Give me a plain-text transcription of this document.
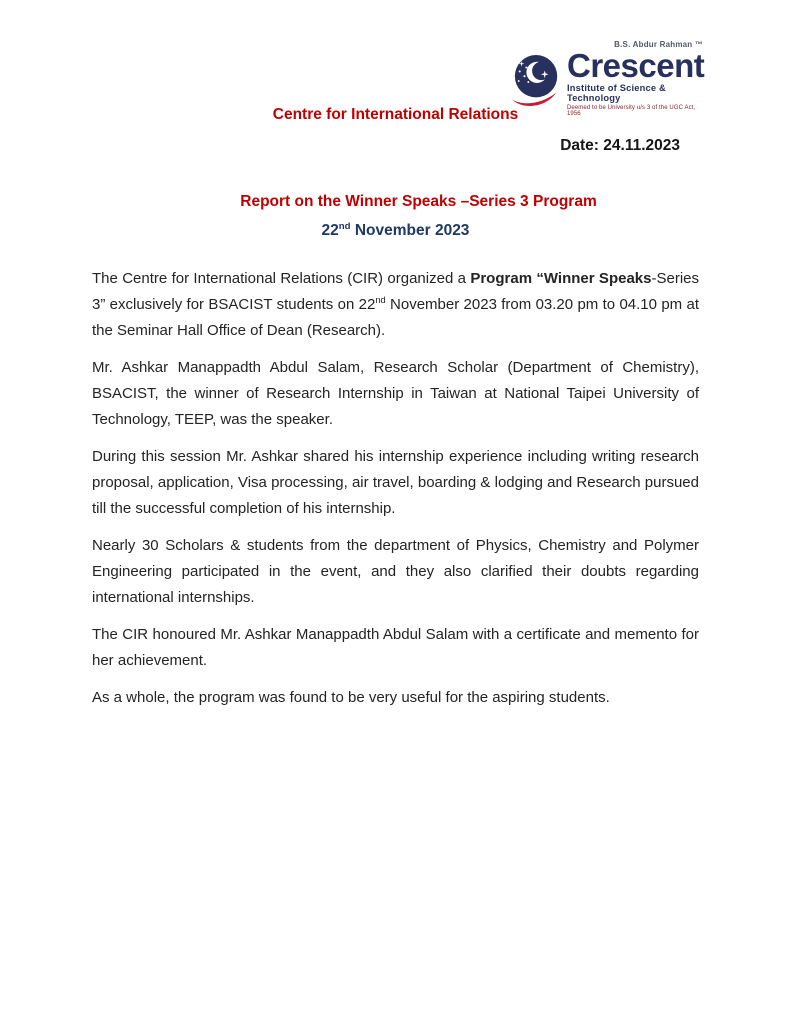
B.S. Abdur Rahman ™
Crescent
Institute of Science & Technology
Deemed to be University u/s 3 of the UGC Act, 1956
Centre for International Relations
Date: 24.11.2023
Report on the Winner Speaks –Series 3 Program
22nd November 2023

The Centre for International Relations (CIR) organized a Program “Winner Speaks-Series 3” exclusively for BSACIST students on 22nd November 2023 from 03.20 pm to 04.10 pm at the Seminar Hall Office of Dean (Research).

Mr. Ashkar Manappadth Abdul Salam, Research Scholar (Department of Chemistry), BSACIST, the winner of Research Internship in Taiwan at National Taipei University of Technology, TEEP, was the speaker.

During this session Mr. Ashkar shared his internship experience including writing research proposal, application, Visa processing, air travel, boarding & lodging and Research pursued till the successful completion of his internship.

Nearly 30 Scholars & students from the department of Physics, Chemistry and Polymer Engineering participated in the event, and they also clarified their doubts regarding international internships.

The CIR honoured Mr. Ashkar Manappadth Abdul Salam with a certificate and memento for her achievement.

As a whole, the program was found to be very useful for the aspiring students.
